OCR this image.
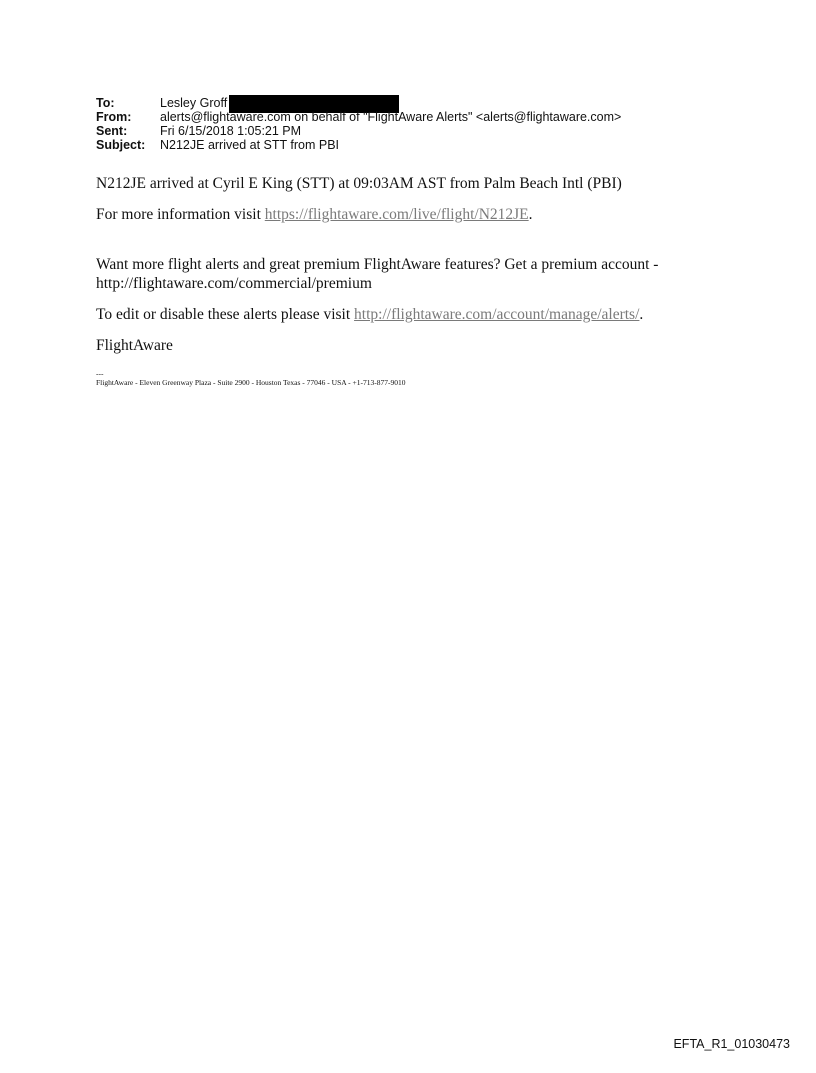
To:	Lesley Groff
From:	alerts@flightaware.com on behalf of "FlightAware Alerts" <alerts@flightaware.com>
Sent:	Fri 6/15/2018 1:05:21 PM
Subject:	N212JE arrived at STT from PBI

N212JE arrived at Cyril E King (STT) at 09:03AM AST from Palm Beach Intl (PBI)

For more information visit https://flightaware.com/live/flight/N212JE.

Want more flight alerts and great premium FlightAware features? Get a premium account -
http://flightaware.com/commercial/premium

To edit or disable these alerts please visit http://flightaware.com/account/manage/alerts/.

FlightAware

---
FlightAware - Eleven Greenway Plaza - Suite 2900 - Houston Texas - 77046 - USA - +1-713-877-9010
EFTA_R1_01030473
